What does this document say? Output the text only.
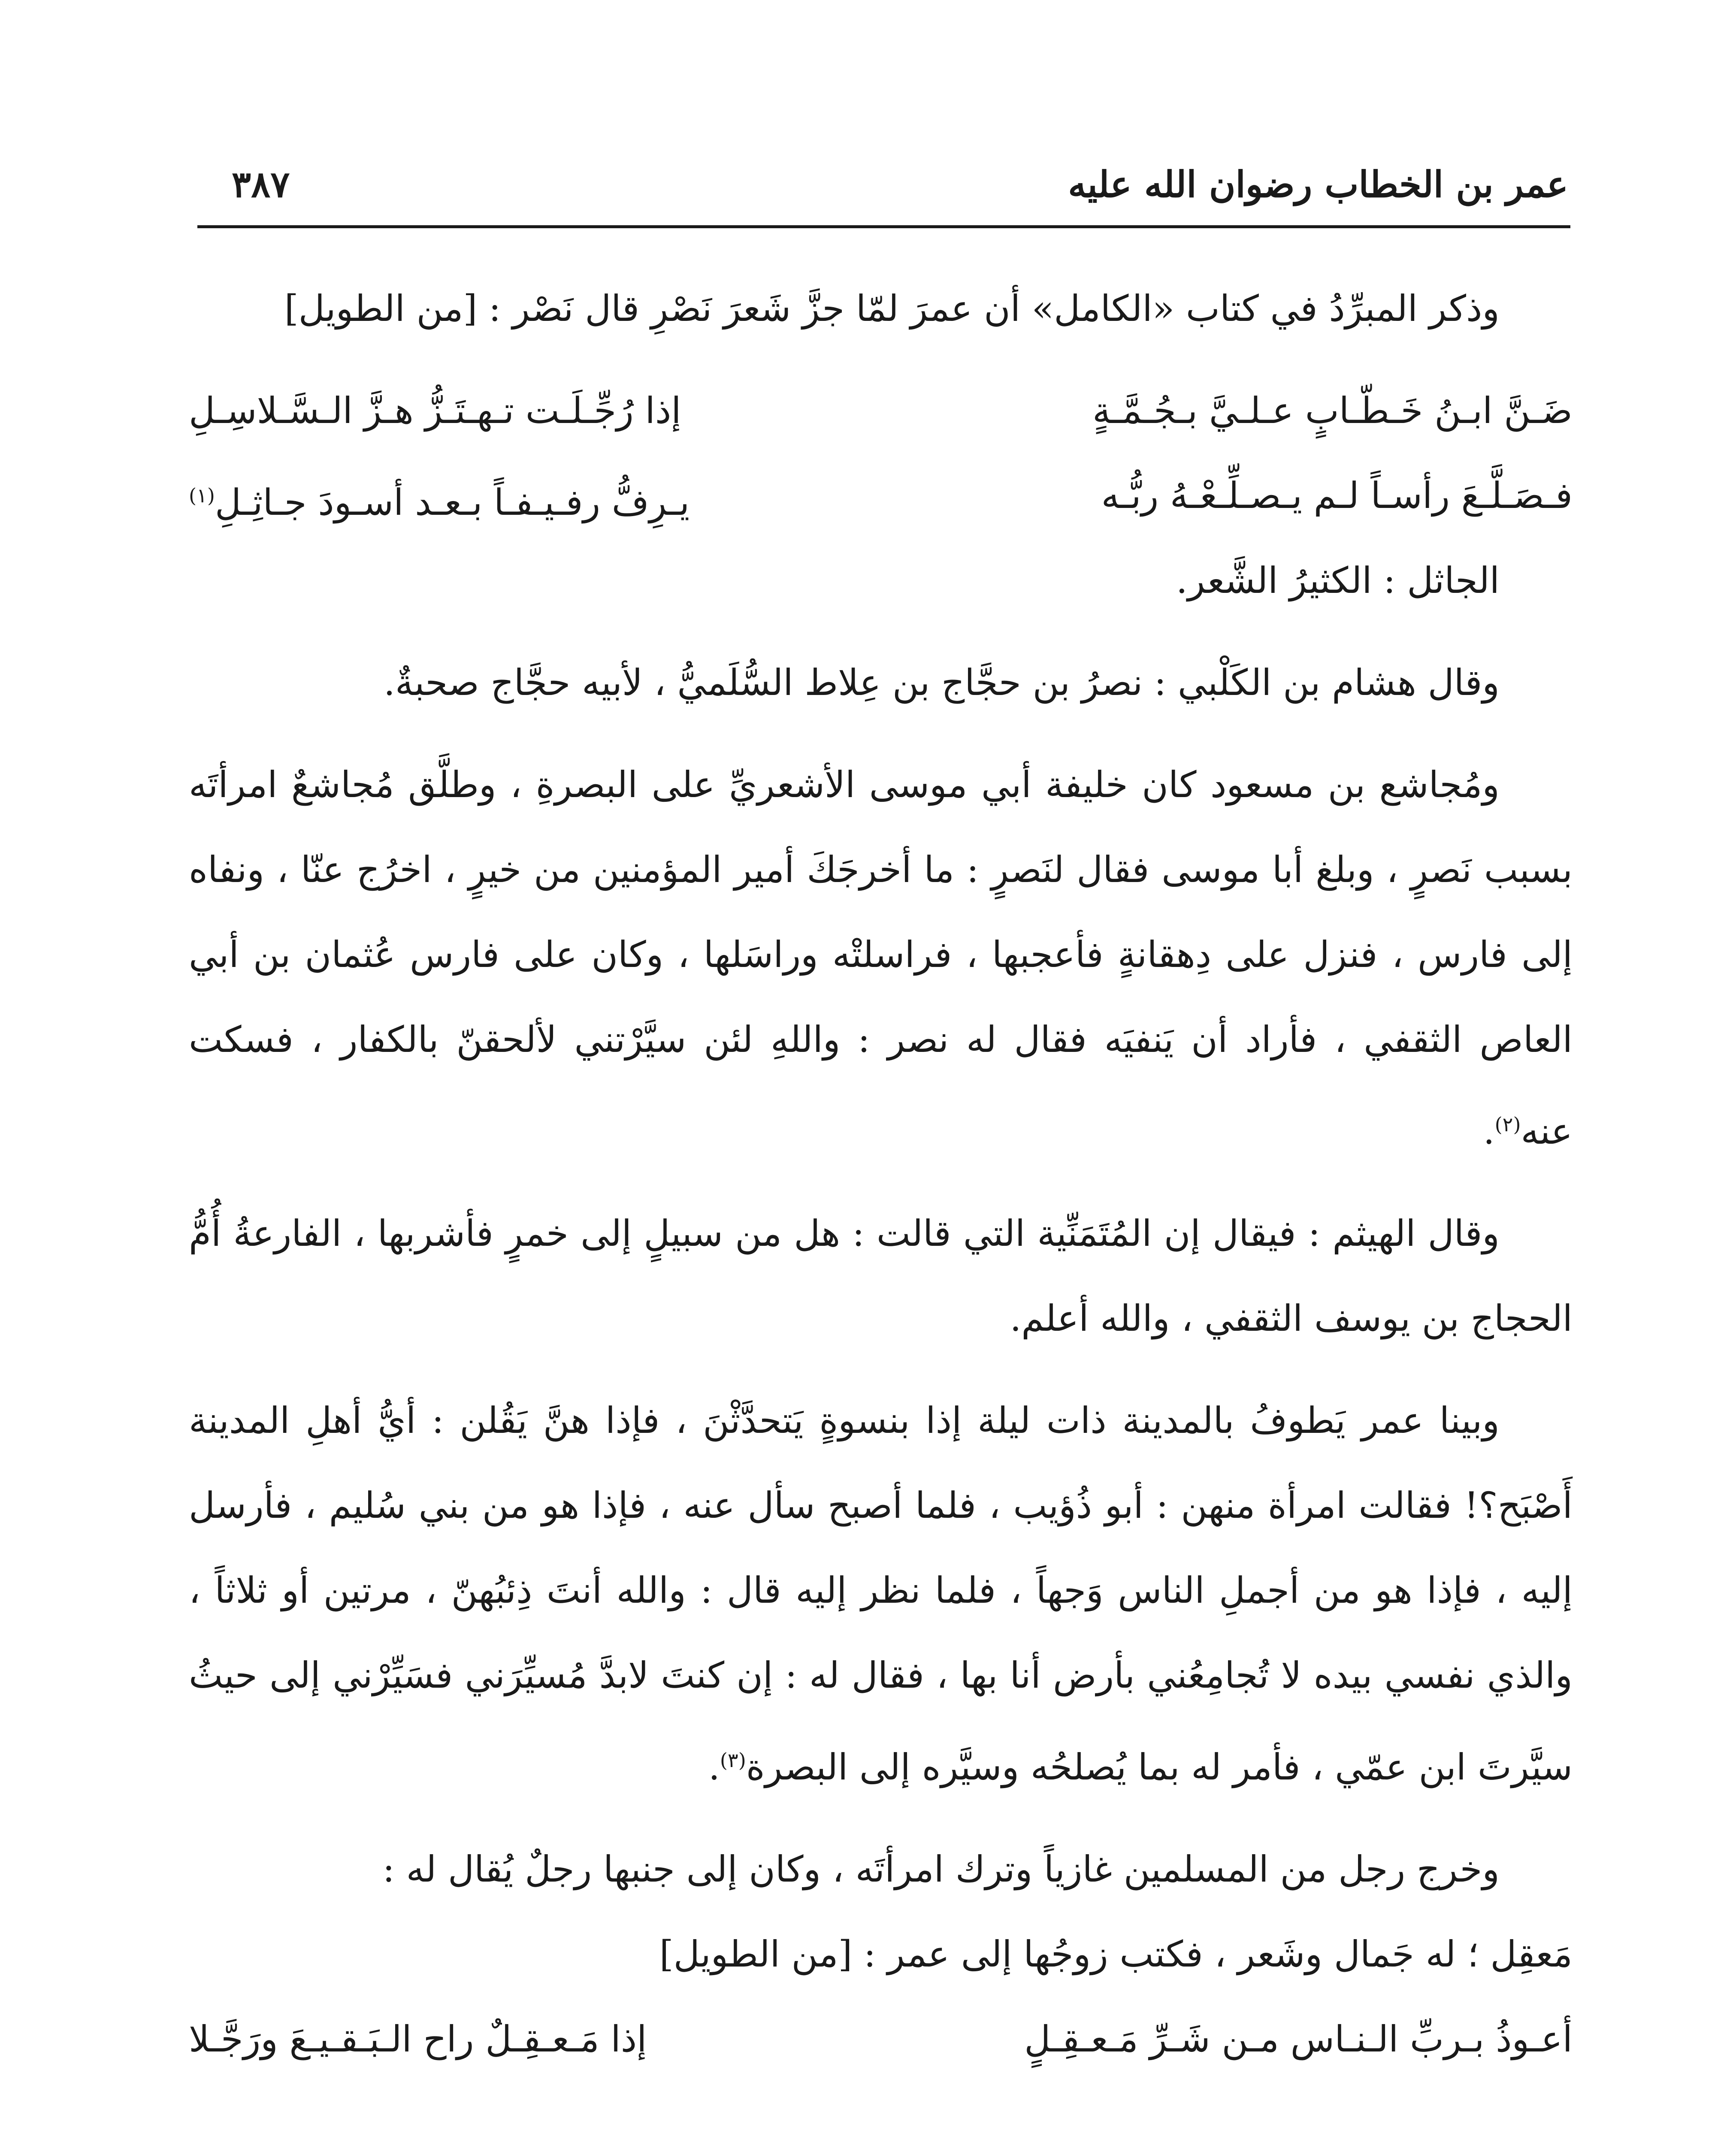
عمر بن الخطاب رضوان الله عليه
٣٨٧

وذكر المبرِّدُ في كتاب «الكامل» أن عمرَ لمّا جزَّ شَعرَ نَصْرِ قال نَصْر : [من الطويل]

ضَـنَّ ابـنُ خَـطّـابٍ عـلـيَّ بـجُـمَّـةٍ
إذا رُجِّـلَـت تـهـتَـزُّ هـزَّ الـسَّـلاسِـلِ
فـصَـلَّـعَ رأسـاً لـم يـصـلِّـعْـهُ ربُّـه
يـرِفُّ رفـيـفـاً بـعـد أسـودَ جـاثِـلِ$^{(١)}$

الجاثل : الكثيرُ الشَّعر.

وقال هشام بن الكَلْبي : نصرُ بن حجَّاج بن عِلاط السُّلَميُّ ، لأبيه حجَّاج صحبةٌ.

ومُجاشع بن مسعود كان خليفة أبي موسى الأشعريِّ على البصرةِ ، وطلَّق مُجاشعٌ امرأتَه بسبب نَصرٍ ، وبلغ أبا موسى فقال لنَصرٍ : ما أخرجَكَ أمير المؤمنين من خيرٍ ، اخرُج عنّا ، ونفاه إلى فارس ، فنزل على دِهقانةٍ فأعجبها ، فراسلتْه وراسَلها ، وكان على فارس عُثمان بن أبي العاص الثقفي ، فأراد أن يَنفيَه فقال له نصر : واللهِ لئن سيَّرْتني لألحقنّ بالكفار ، فسكت عنه$^{(٢)}$.

وقال الهيثم : فيقال إن المُتَمَنِّية التي قالت : هل من سبيلٍ إلى خمرٍ فأشربها ، الفارعةُ أُمُّ الحجاج بن يوسف الثقفي ، والله أعلم.

وبينا عمر يَطوفُ بالمدينة ذات ليلة إذا بنسوةٍ يَتحدَّثْنَ ، فإذا هنَّ يَقُلن : أيُّ أهلِ المدينة أَصْبَح؟! فقالت امرأة منهن : أبو ذُؤيب ، فلما أصبح سأل عنه ، فإذا هو من بني سُليم ، فأرسل إليه ، فإذا هو من أجملِ الناس وَجهاً ، فلما نظر إليه قال : والله أنتَ ذِئبُهنّ ، مرتين أو ثلاثاً ، والذي نفسي بيده لا تُجامِعُني بأرض أنا بها ، فقال له : إن كنتَ لابدَّ مُسيِّرَني فسَيِّرْني إلى حيثُ سيَّرتَ ابن عمّي ، فأمر له بما يُصلحُه وسيَّره إلى البصرة$^{(٣)}$.

وخرج رجل من المسلمين غازياً وترك امرأتَه ، وكان إلى جنبها رجلٌ يُقال له :

مَعقِل ؛ له جَمال وشَعر ، فكتب زوجُها إلى عمر : [من الطويل]

أعـوذُ بـربِّ الـنـاس مـن شَـرِّ مَـعـقِـلٍ
إذا مَـعـقِـلٌ راح الـبَـقـيـعَ ورَجَّـلا
